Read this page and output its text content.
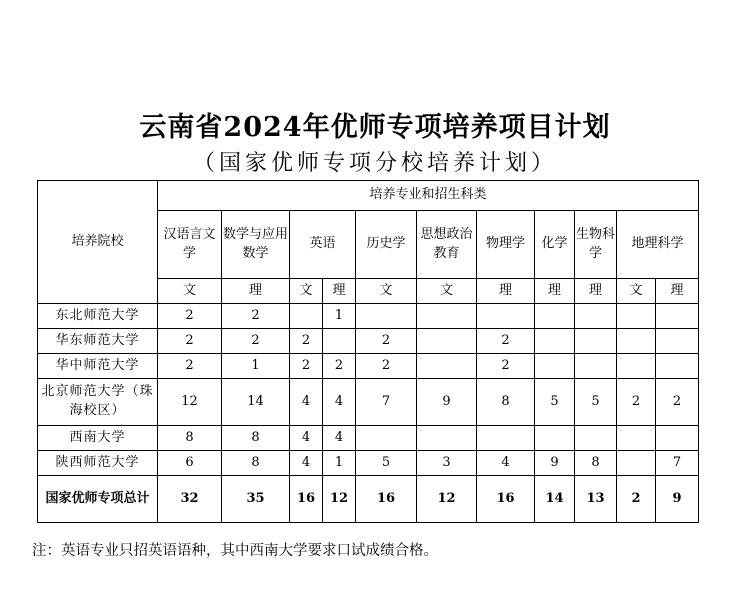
云南省2024年优师专项培养项目计划
（国家优师专项分校培养计划）
培养院校	培养专业和招生科类										
	汉语言文学	数学与应用数学	英语		历史学	思想政治教育	物理学	化学	生物科学	地理科学	
	文	理	文	理	文	文	理	理	理	文	理
东北师范大学	2	2		1							
华东师范大学	2	2	2		2		2				
华中师范大学	2	1	2	2	2		2				
北京师范大学（珠海校区）	12	14	4	4	7	9	8	5	5	2	2
西南大学	8	8	4	4							
陕西师范大学	6	8	4	1	5	3	4	9	8		7
国家优师专项总计	32	35	16	12	16	12	16	14	13	2	9
注：英语专业只招英语语种，其中西南大学要求口试成绩合格。
